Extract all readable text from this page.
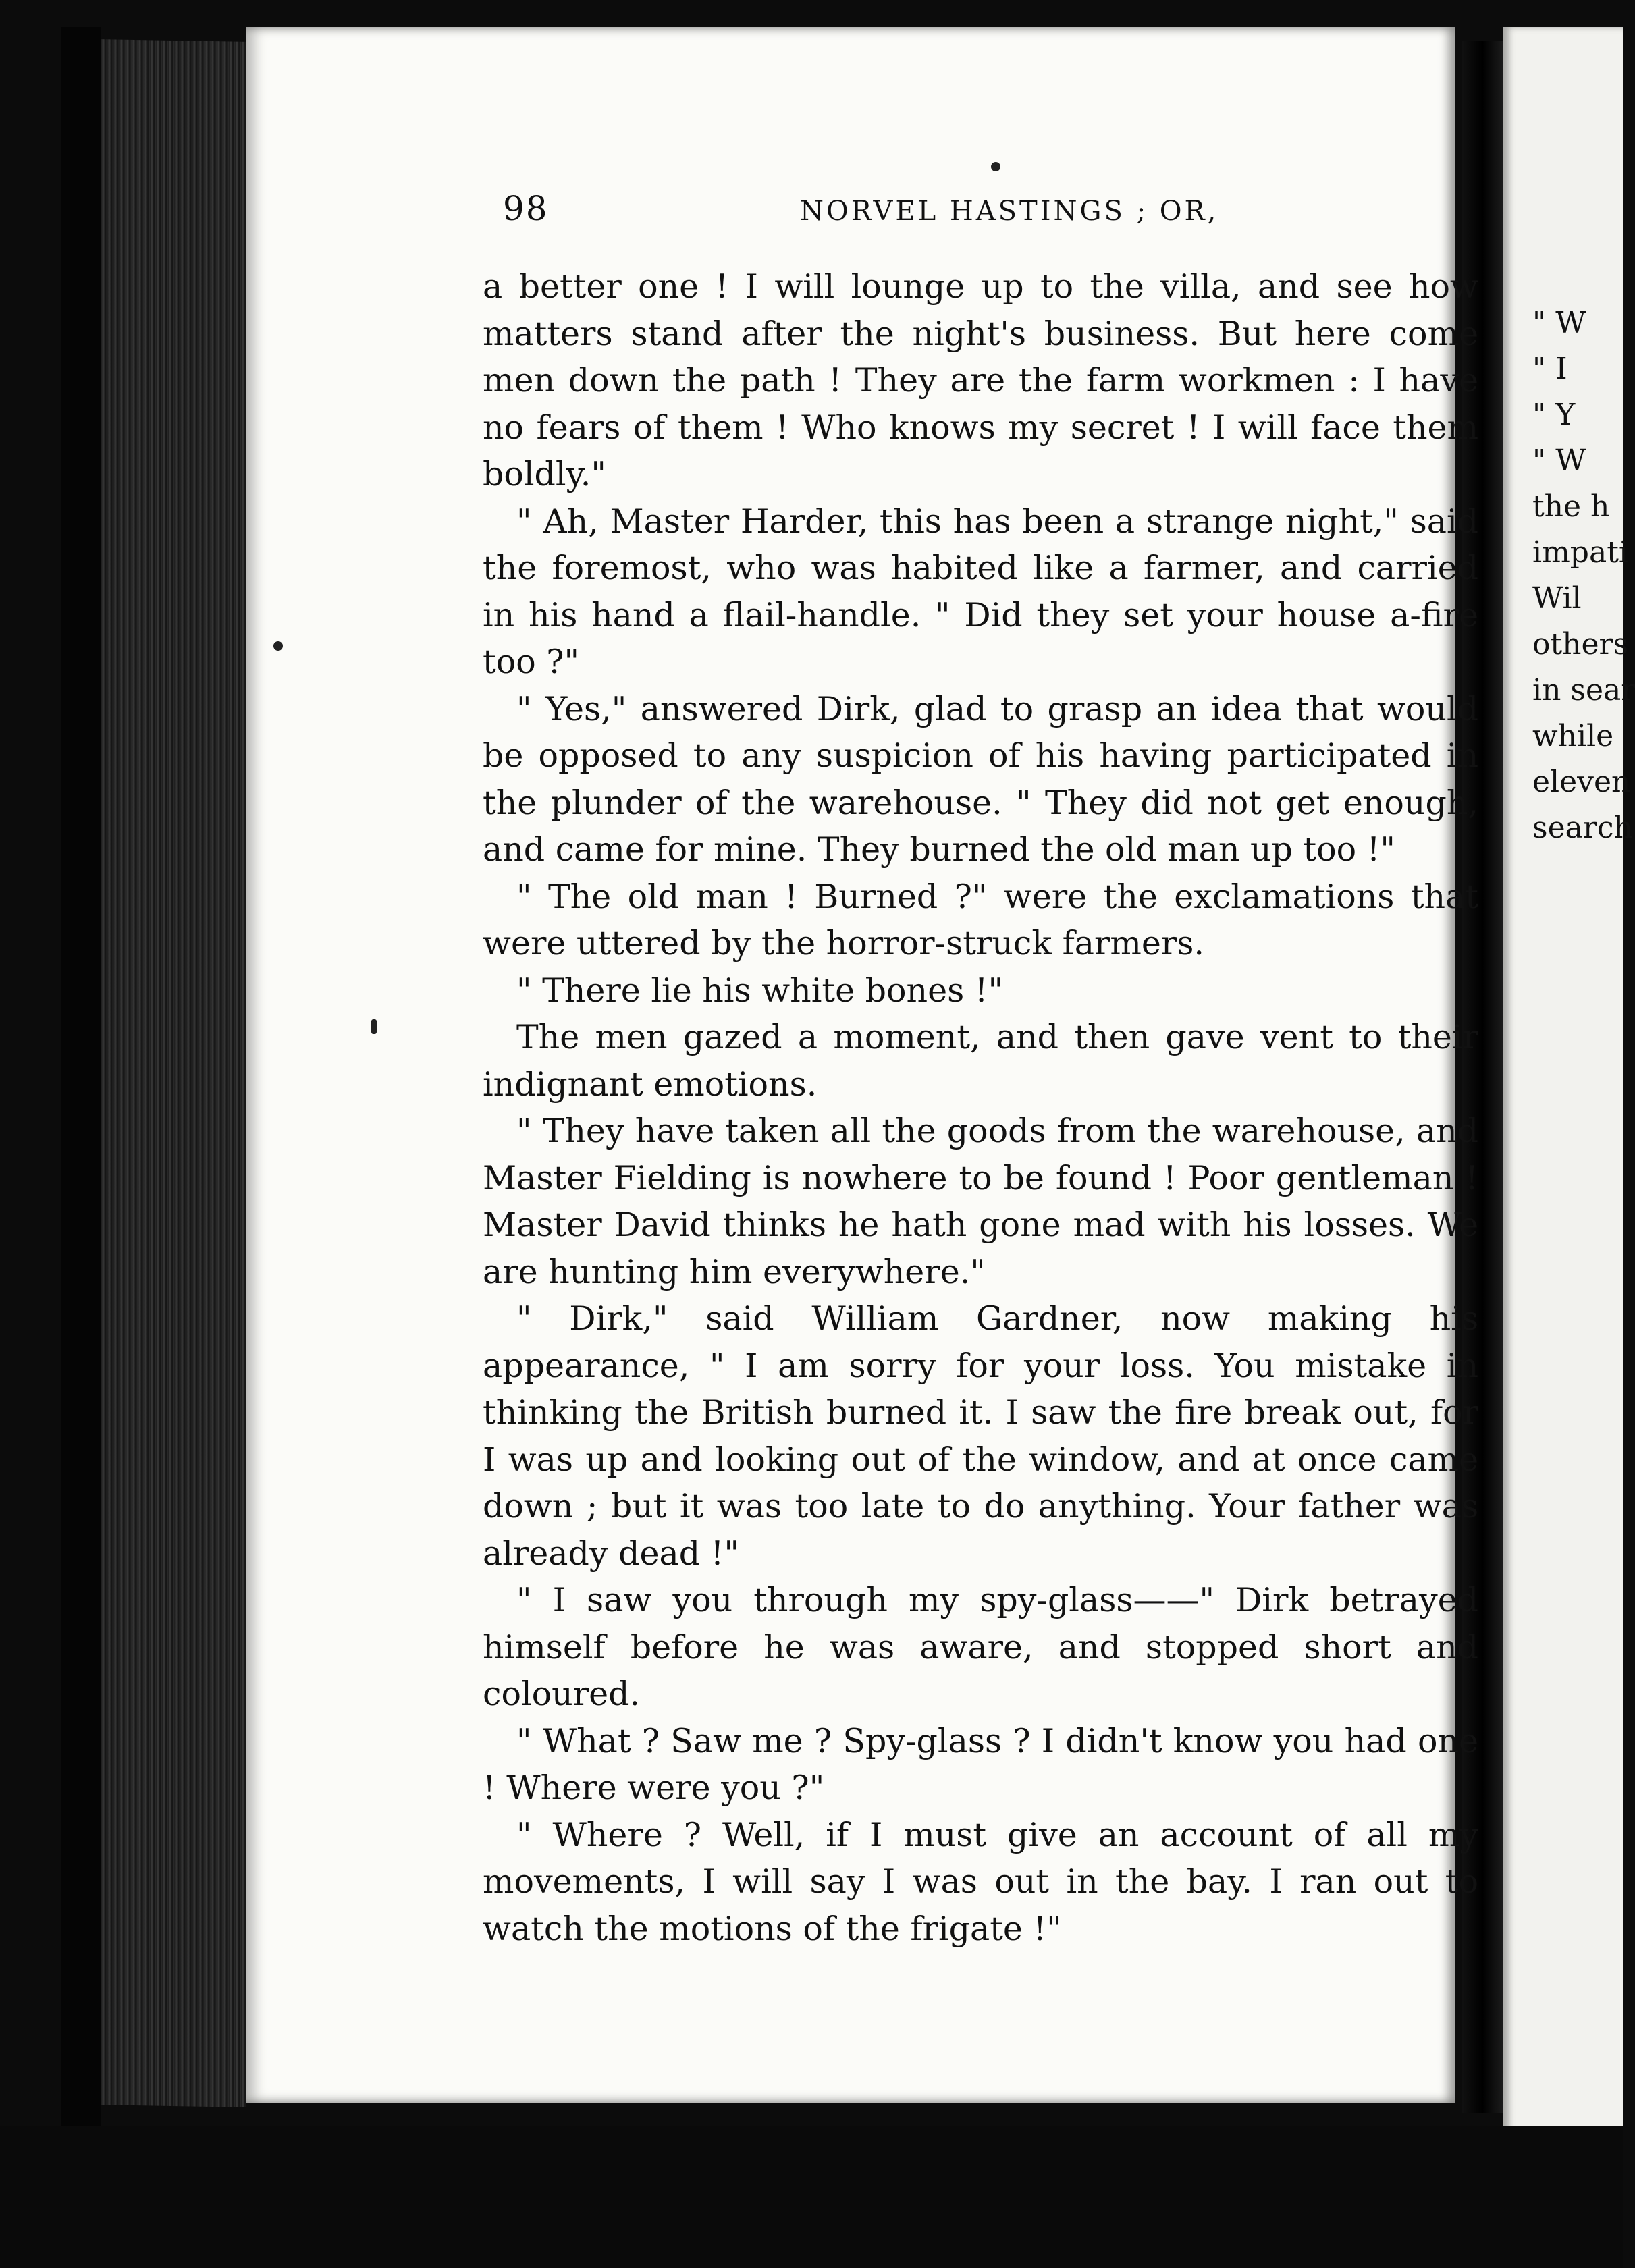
98	NORVEL HASTINGS ; OR,

a better one ! I will lounge up to the villa, and see how matters stand after the night's business. But here come men down the path ! They are the farm workmen : I have no fears of them ! Who knows my secret ! I will face them boldly."

" Ah, Master Harder, this has been a strange night," said the foremost, who was habited like a farmer, and carried in his hand a flail-handle. " Did they set your house a-fire too ?"

" Yes," answered Dirk, glad to grasp an idea that would be opposed to any suspicion of his having participated in the plunder of the warehouse. " They did not get enough, and came for mine. They burned the old man up too !"

" The old man ! Burned ?" were the exclamations that were uttered by the horror-struck farmers.

" There lie his white bones !"

The men gazed a moment, and then gave vent to their indignant emotions.

" They have taken all the goods from the warehouse, and Master Fielding is nowhere to be found ! Poor gentleman ! Master David thinks he hath gone mad with his losses. We are hunting him everywhere."

" Dirk," said William Gardner, now making his appearance, " I am sorry for your loss. You mistake in thinking the British burned it. I saw the fire break out, for I was up and looking out of the window, and at once came down ; but it was too late to do anything. Your father was already dead !"

" I saw you through my spy-glass——" Dirk betrayed himself before he was aware, and stopped short and coloured.

" What ? Saw me ? Spy-glass ? I didn't know you had one ! Where were you ?"

" Where ? Well, if I must give an account of all my movements, I will say I was out in the bay. I ran out to watch the motions of the frigate !"

" W
" I
" Y
" W
the h
impati
Wil
others
in sear
while
eleven
search
